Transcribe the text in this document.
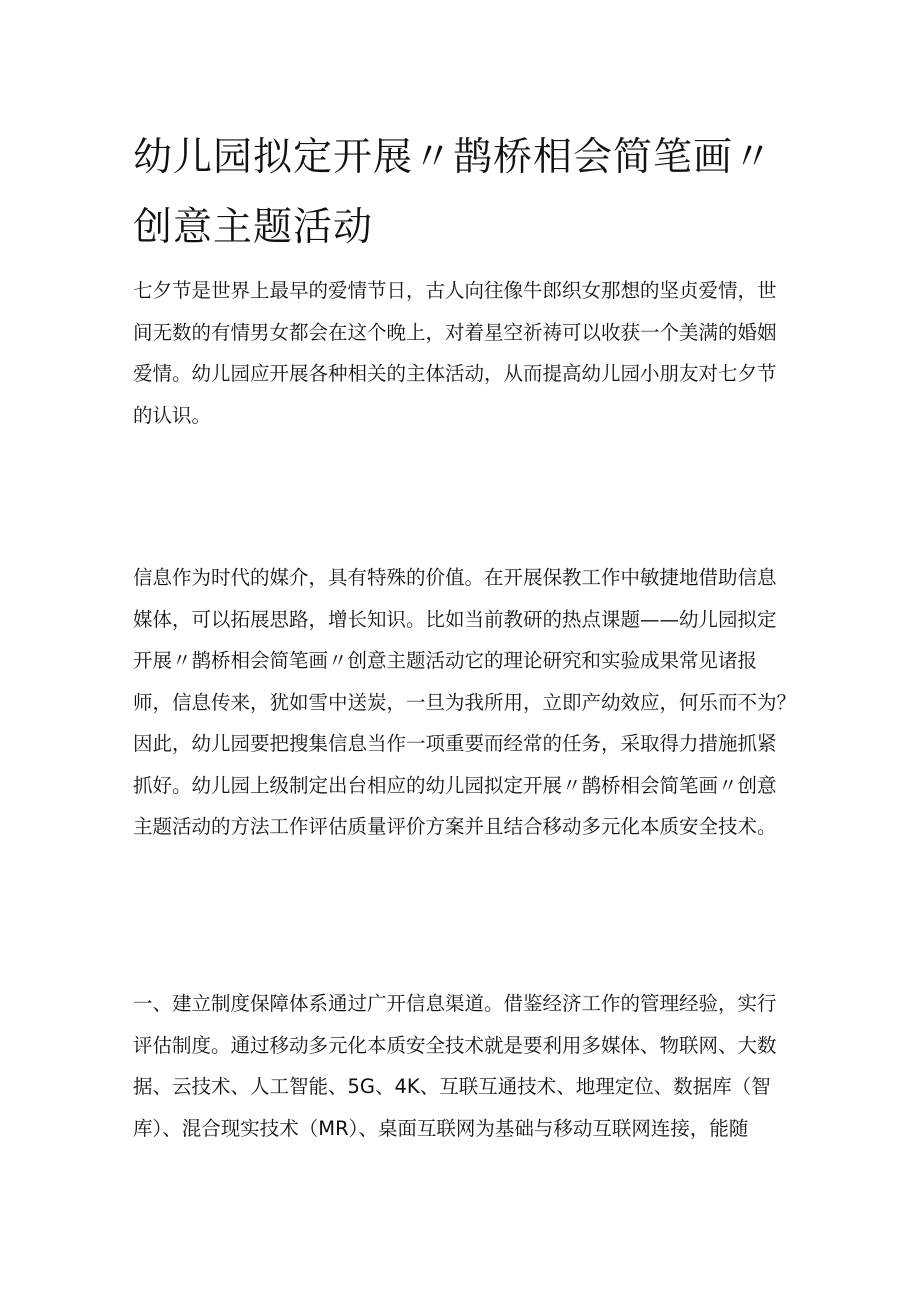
幼儿园拟定开展〃鹊桥相会简笔画〃
创意主题活动
七夕节是世界上最早的爱情节日，古人向往像牛郎织女那想的坚贞爱情，世
间无数的有情男女都会在这个晚上，对着星空祈祷可以收获一个美满的婚姻
爱情。幼儿园应开展各种相关的主体活动，从而提高幼儿园小朋友对七夕节
的认识。
信息作为时代的媒介，具有特殊的价值。在开展保教工作中敏捷地借助信息
媒体，可以拓展思路，增长知识。比如当前教研的热点课题——幼儿园拟定
开展〃鹊桥相会简笔画〃创意主题活动它的理论研究和实验成果常见诸报
师，信息传来，犹如雪中送炭，一旦为我所用，立即产幼效应，何乐而不为？
因此，幼儿园要把搜集信息当作一项重要而经常的任务，采取得力措施抓紧
抓好。幼儿园上级制定出台相应的幼儿园拟定开展〃鹊桥相会简笔画〃创意
主题活动的方法工作评估质量评价方案并且结合移动多元化本质安全技术。
一、建立制度保障体系通过广开信息渠道。借鉴经济工作的管理经验，实行
评估制度。通过移动多元化本质安全技术就是要利用多媒体、物联网、大数
据、云技术、人工智能、5G、4K、互联互通技术、地理定位、数据库（智
库）、混合现实技术（MR）、桌面互联网为基础与移动互联网连接，能随
